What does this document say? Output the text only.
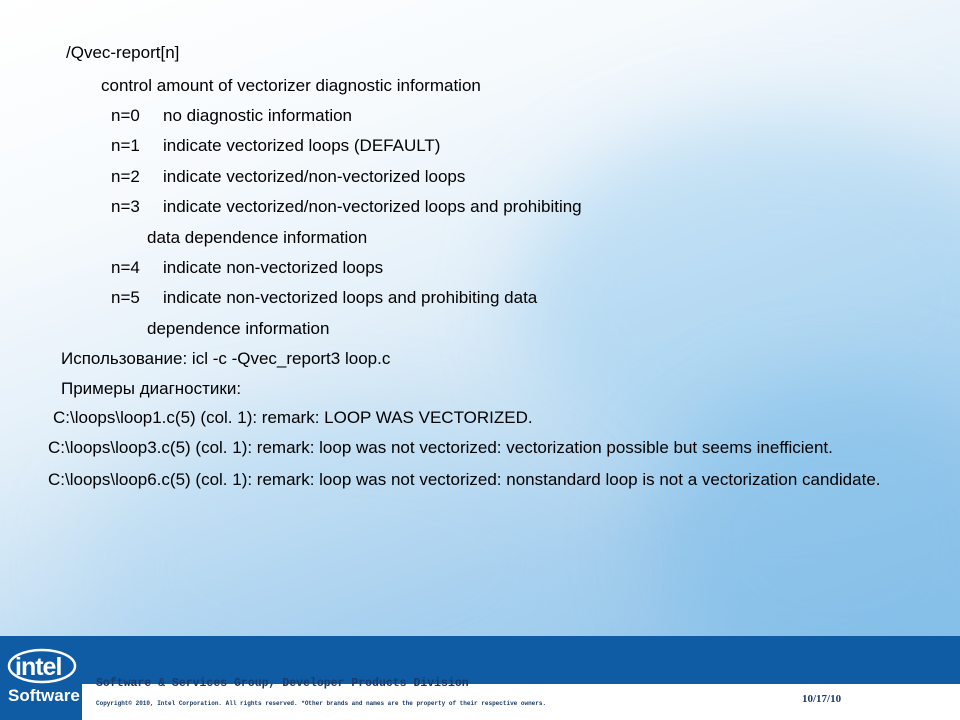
/Qvec-report[n]

control amount of vectorizer diagnostic information

n=0 no diagnostic information

n=1 indicate vectorized loops (DEFAULT)

n=2 indicate vectorized/non-vectorized loops

n=3 indicate vectorized/non-vectorized loops and prohibiting

data dependence information

n=4 indicate non-vectorized loops

n=5 indicate non-vectorized loops and prohibiting data

dependence information

Использование: icl -c -Qvec_report3 loop.c

Примеры диагностики:

C:\loops\loop1.c(5) (col. 1): remark: LOOP WAS VECTORIZED.

C:\loops\loop3.c(5) (col. 1): remark: loop was not vectorized: vectorization possible but seems inefficient.

C:\loops\loop6.c(5) (col. 1): remark: loop was not vectorized: nonstandard loop is not a vectorization candidate.

intel
Software
Software & Services Group, Developer Products Division
Copyright© 2010, Intel Corporation. All rights reserved. *Other brands and names are the property of their respective owners.	10/17/10
